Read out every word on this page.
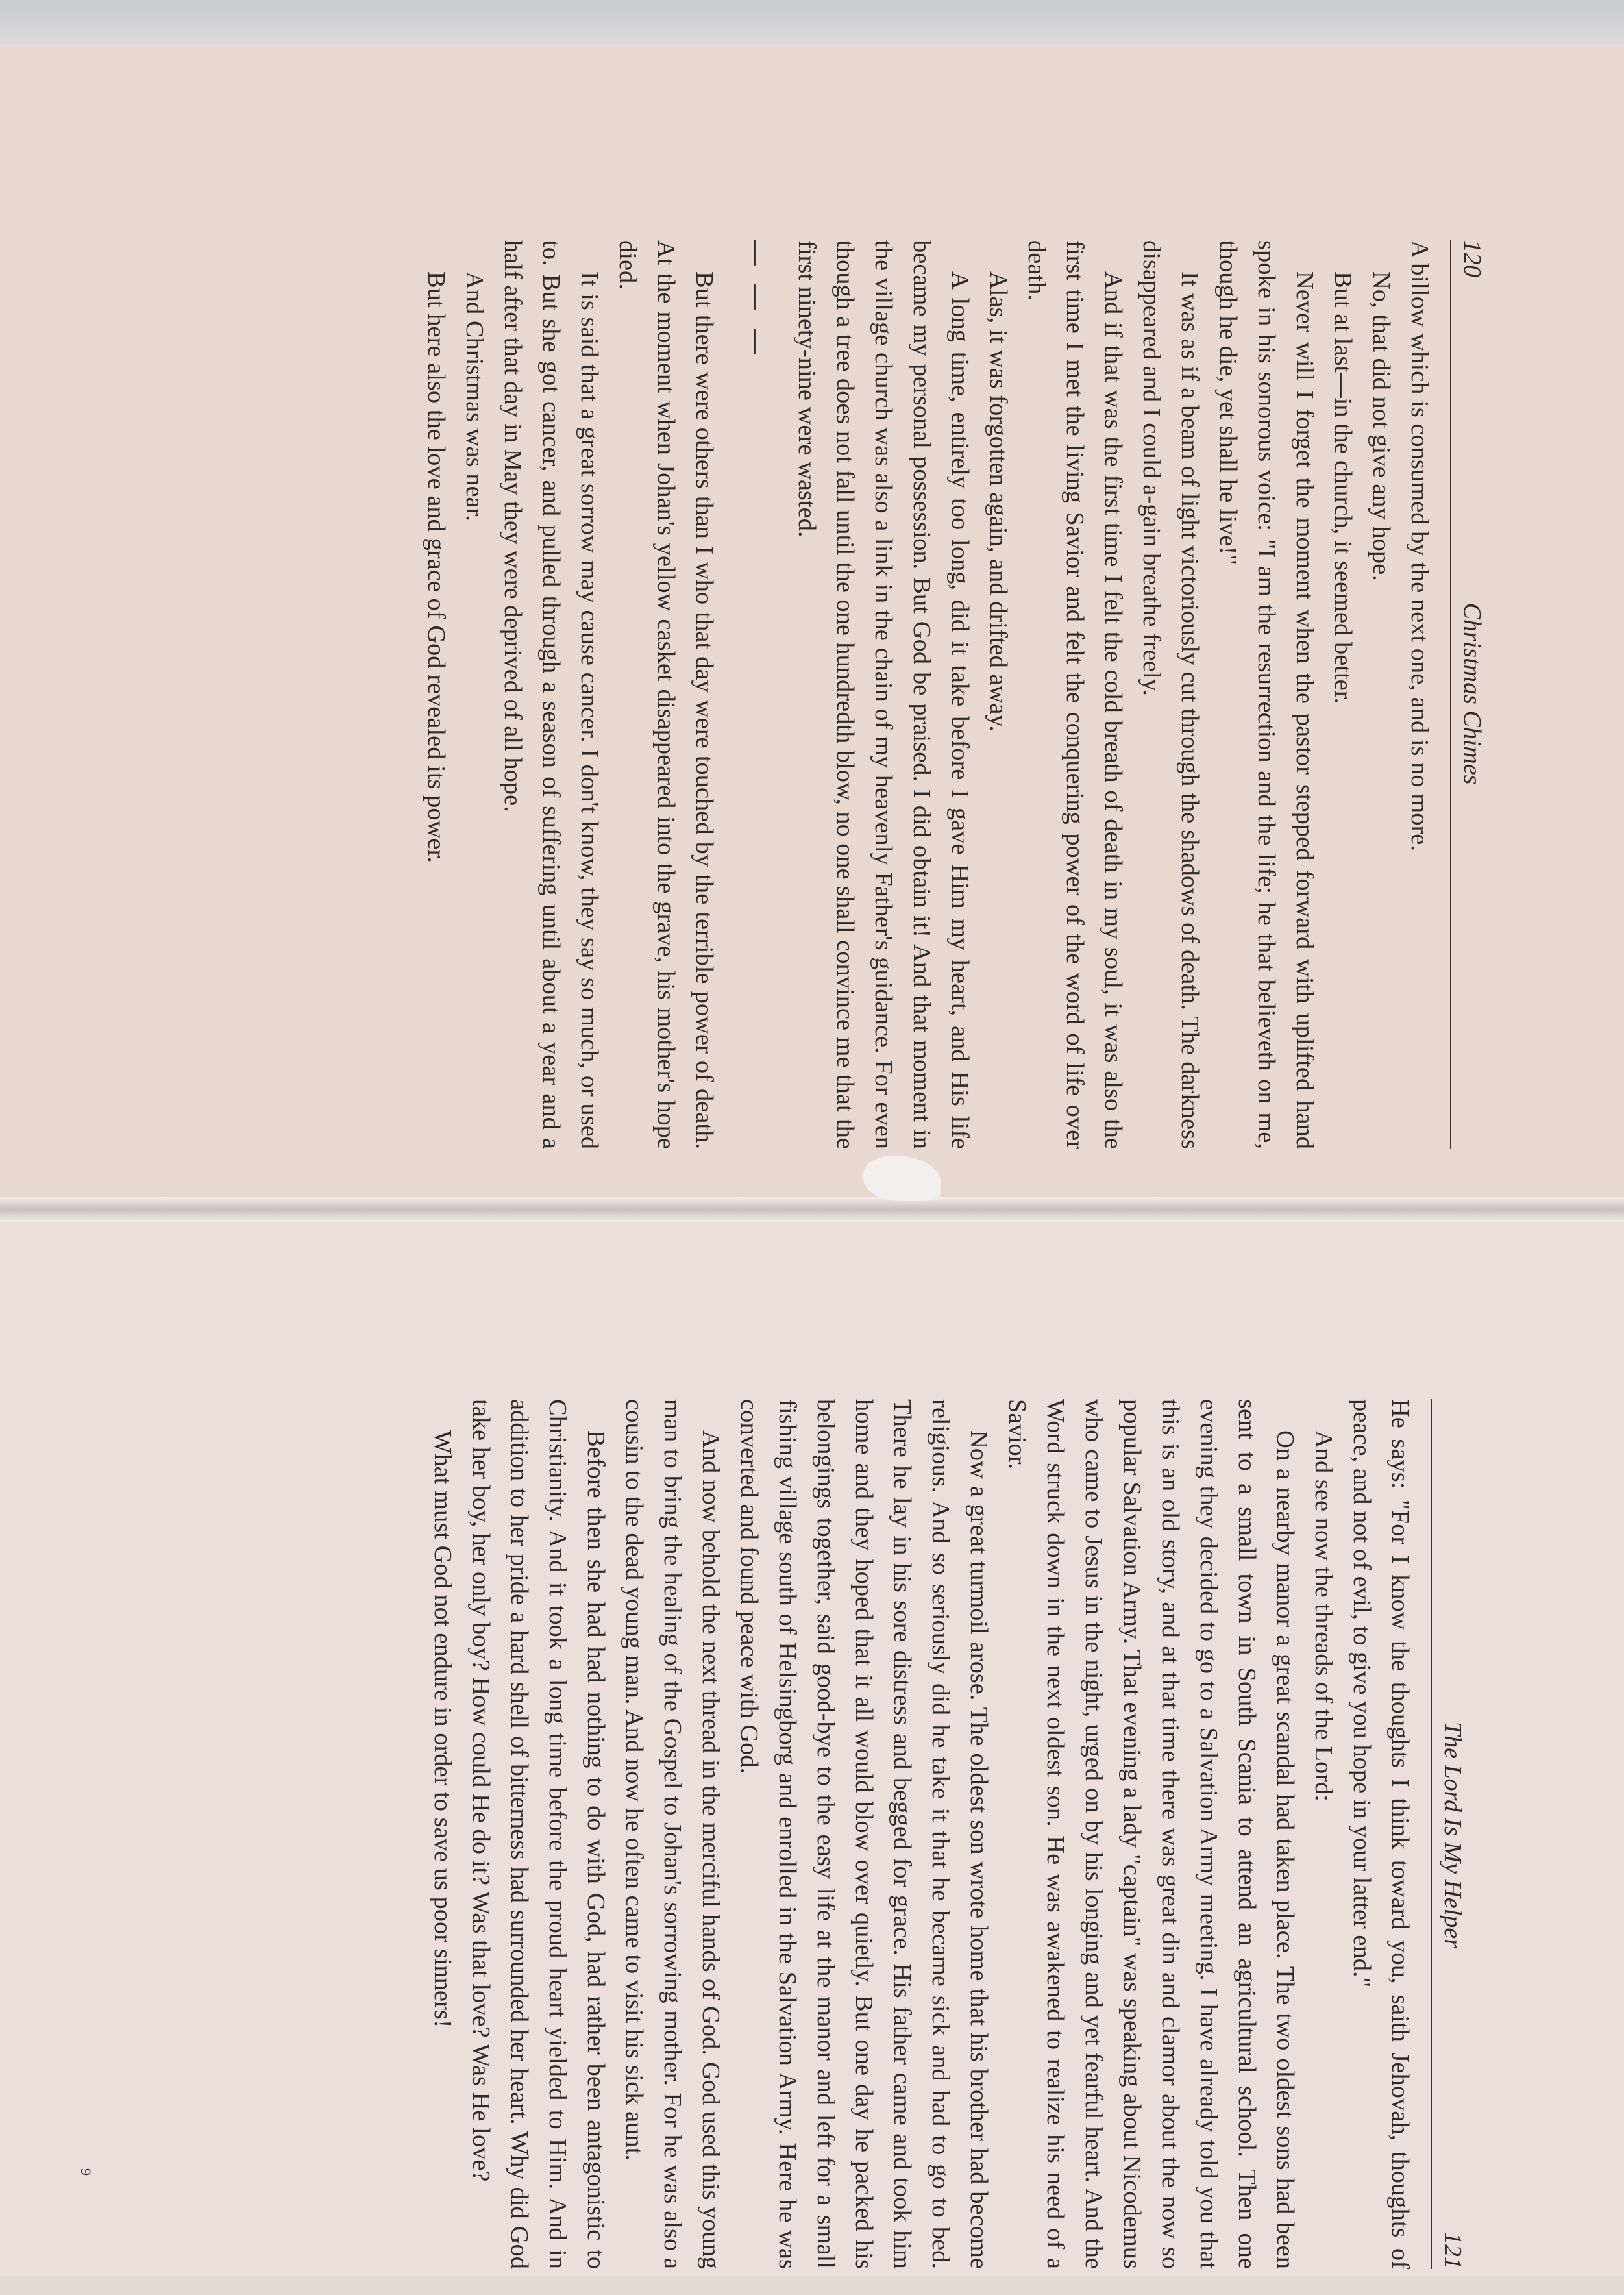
120
Christmas Chimes

A billow which is consumed by the next one, and is no more.

No, that did not give any hope.

But at last—in the church, it seemed better.

Never will I forget the moment when the pastor stepped forward with uplifted hand spoke in his sonorous voice: "I am the resurrection and the life; he that believeth on me, though he die, yet shall he live!"

It was as if a beam of light victoriously cut through the shadows of death. The darkness disappeared and I could a-gain breathe freely.

And if that was the first time I felt the cold breath of death in my soul, it was also the first time I met the living Savior and felt the conquering power of the word of life over death.

Alas, it was forgotten again, and drifted away.

A long time, entirely too long, did it take before I gave Him my heart, and His life became my personal possession. But God be praised. I did obtain it! And that moment in the village church was also a link in the chain of my heavenly Father's guidance. For even though a tree does not fall until the one hundredth blow, no one shall convince me that the first ninety-nine were wasted.

— — —

But there were others than I who that day were touched by the terrible power of death. At the moment when Johan's yellow casket disappeared into the grave, his mother's hope died.

It is said that a great sorrow may cause cancer. I don't know, they say so much, or used to. But she got cancer, and pulled through a season of suffering until about a year and a half after that day in May they were deprived of all hope.

And Christmas was near.

But here also the love and grace of God revealed its power.

The Lord Is My Helper
121

He says: "For I know the thoughts I think toward you, saith Jehovah, thoughts of peace, and not of evil, to give you hope in your latter end."

And see now the threads of the Lord:

On a nearby manor a great scandal had taken place. The two oldest sons had been sent to a small town in South Scania to attend an agricultural school. Then one evening they decided to go to a Salvation Army meeting. I have already told you that this is an old story, and at that time there was great din and clamor about the now so popular Salvation Army. That evening a lady "captain" was speaking about Nicodemus who came to Jesus in the night, urged on by his longing and yet fearful heart. And the Word struck down in the next oldest son. He was awakened to realize his need of a Savior.

Now a great turmoil arose. The oldest son wrote home that his brother had become religious. And so seriously did he take it that he became sick and had to go to bed. There he lay in his sore distress and begged for grace. His father came and took him home and they hoped that it all would blow over quietly. But one day he packed his belongings together, said good-bye to the easy life at the manor and left for a small fishing village south of Helsingborg and enrolled in the Salvation Army. Here he was converted and found peace with God.

And now behold the next thread in the merciful hands of God. God used this young man to bring the healing of the Gospel to Johan's sorrowing mother. For he was also a cousin to the dead young man. And now he often came to visit his sick aunt.

Before then she had had nothing to do with God, had rather been antagonistic to Christianity. And it took a long time before the proud heart yielded to Him. And in addition to her pride a hard shell of bitterness had surrounded her heart. Why did God take her boy, her only boy? How could He do it? Was that love? Was He love?

What must God not endure in order to save us poor sinners!

9
